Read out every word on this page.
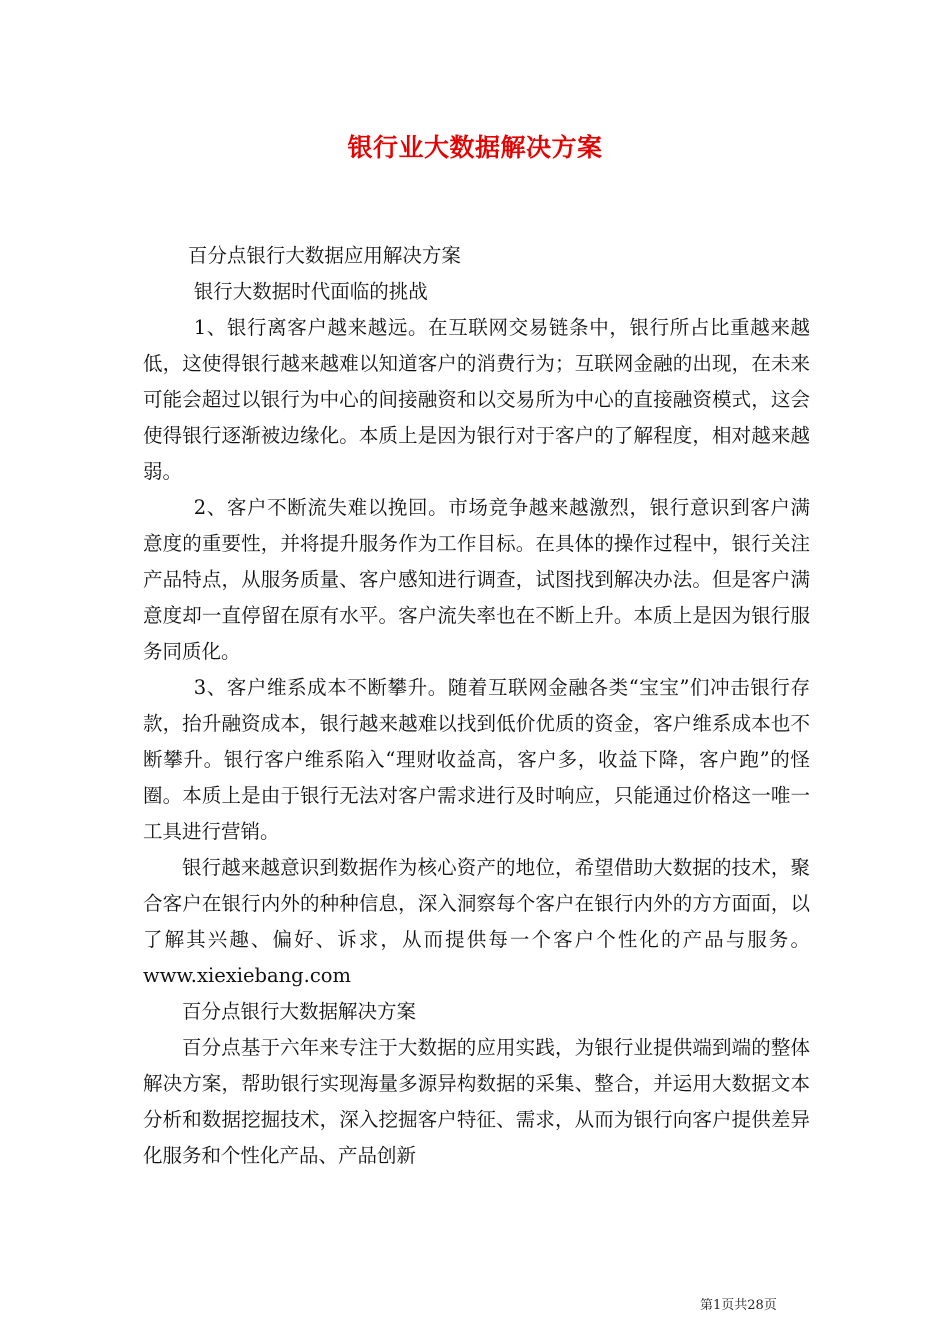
银行业大数据解决方案

百分点银行大数据应用解决方案

银行大数据时代面临的挑战

1、银行离客户越来越远。在互联网交易链条中，银行所占比重越来越低，这使得银行越来越难以知道客户的消费行为；互联网金融的出现，在未来可能会超过以银行为中心的间接融资和以交易所为中心的直接融资模式，这会使得银行逐渐被边缘化。本质上是因为银行对于客户的了解程度，相对越来越弱。

2、客户不断流失难以挽回。市场竞争越来越激烈，银行意识到客户满意度的重要性，并将提升服务作为工作目标。在具体的操作过程中，银行关注产品特点，从服务质量、客户感知进行调查，试图找到解决办法。但是客户满意度却一直停留在原有水平。客户流失率也在不断上升。本质上是因为银行服务同质化。

3、客户维系成本不断攀升。随着互联网金融各类“宝宝”们冲击银行存款，抬升融资成本，银行越来越难以找到低价优质的资金，客户维系成本也不断攀升。银行客户维系陷入“理财收益高，客户多，收益下降，客户跑”的怪圈。本质上是由于银行无法对客户需求进行及时响应，只能通过价格这一唯一工具进行营销。

银行越来越意识到数据作为核心资产的地位，希望借助大数据的技术，聚合客户在银行内外的种种信息，深入洞察每个客户在银行内外的方方面面，以了解其兴趣、偏好、诉求，从而提供每一个客户个性化的产品与服务。www.xiexiebang.com

百分点银行大数据解决方案

百分点基于六年来专注于大数据的应用实践，为银行业提供端到端的整体解决方案，帮助银行实现海量多源异构数据的采集、整合，并运用大数据文本分析和数据挖掘技术，深入挖掘客户特征、需求，从而为银行向客户提供差异化服务和个性化产品、产品创新

第1页共28页
